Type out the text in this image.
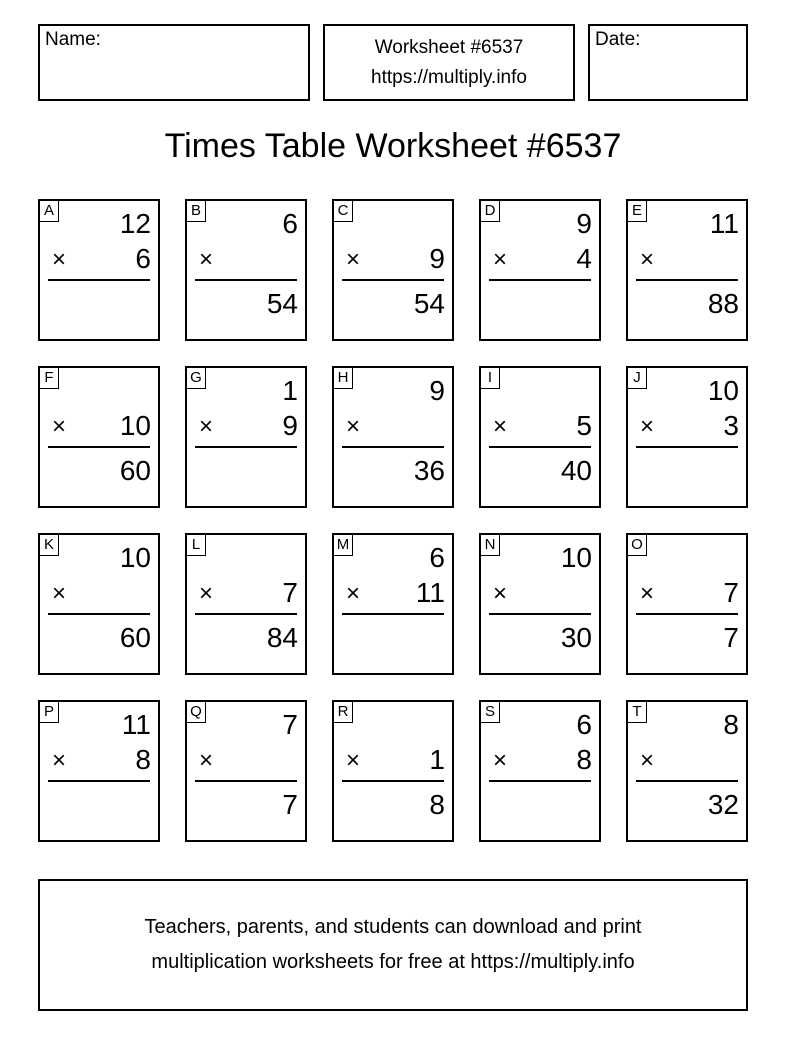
Name:	Worksheet #6537
https://multiply.info
Date:
Times Table Worksheet #6537
A 12
× 6
B	6
×
54
C
× 9
54
D	9
× 4
E 11
×
88
F
× 10
60
G	1
× 9
H	9
×
36
I
× 5
40
J 10
× 3
K 10
×
60
L
× 7
84
M	6
× 11
N 10
×
30
O
× 7
7
P 11
× 8
Q	7
×
7
R
× 1
8
S	6
× 8
T	8
×
32
Teachers, parents, and students can download and print
multiplication worksheets for free at https://multiply.info
